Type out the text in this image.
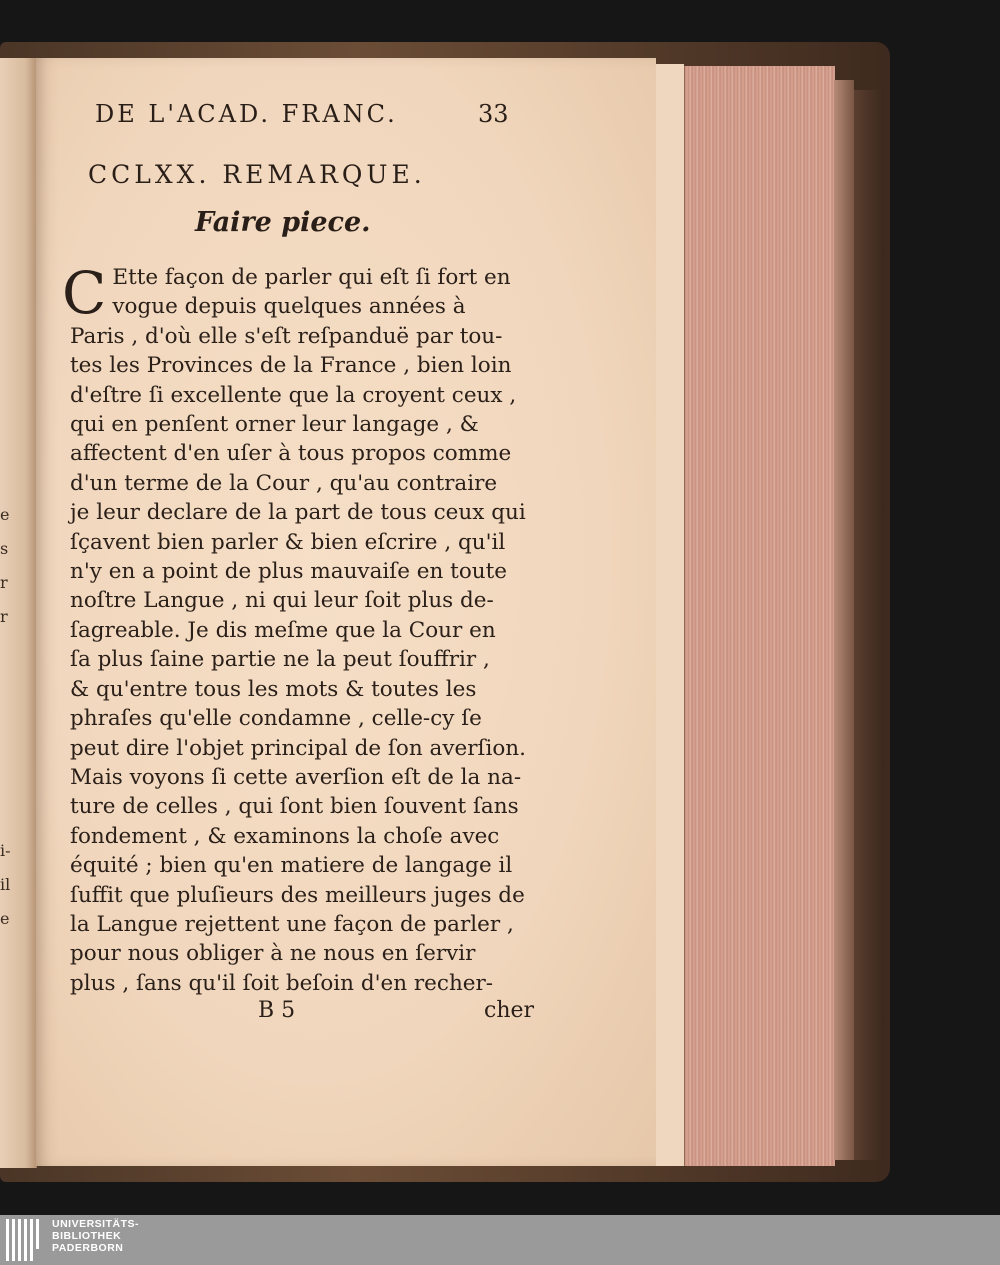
e
s
r
r
i-
il
e
DE L'ACAD. FRANC.	33
CCLXX. REMARQUE.
Faire piece.
C Ette façon de parler qui eſt ſi fort en
vogue depuis quelques années à
Paris , d'où elle s'eſt reſpanduë par tou-
tes les Provinces de la France , bien loin
d'eſtre ſi excellente que la croyent ceux ,
qui en penſent orner leur langage , &
affectent d'en uſer à tous propos comme
d'un terme de la Cour , qu'au contraire
je leur declare de la part de tous ceux qui
ſçavent bien parler & bien eſcrire , qu'il
n'y en a point de plus mauvaiſe en toute
noſtre Langue , ni qui leur ſoit plus de-
ſagreable. Je dis meſme que la Cour en
ſa plus ſaine partie ne la peut ſouffrir ,
& qu'entre tous les mots & toutes les
phraſes qu'elle condamne , celle-cy ſe
peut dire l'objet principal de ſon averſion.
Mais voyons ſi cette averſion eſt de la na-
ture de celles , qui ſont bien ſouvent ſans
fondement , & examinons la choſe avec
équité ; bien qu'en matiere de langage il
ſuffit que pluſieurs des meilleurs juges de
la Langue rejettent une façon de parler ,
pour nous obliger à ne nous en ſervir
plus , ſans qu'il ſoit beſoin d'en recher-
B 5	cher
UNIVERSITÄTS-
BIBLIOTHEK
PADERBORN
